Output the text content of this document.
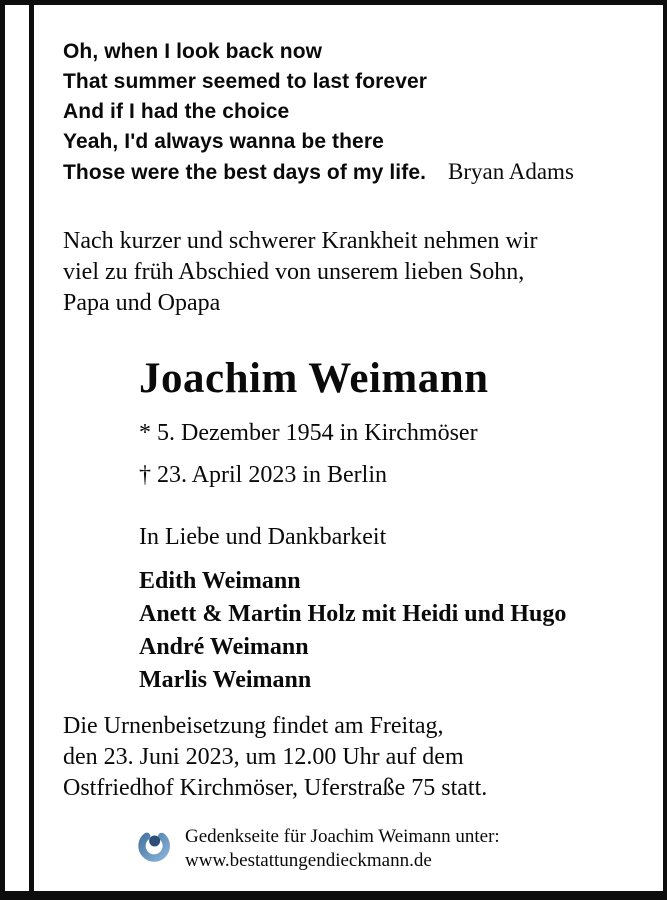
Oh, when I look back now
That summer seemed to last forever
And if I had the choice
Yeah, I'd always wanna be there
Those were the best days of my life. Bryan Adams
Nach kurzer und schwerer Krankheit nehmen wir
viel zu früh Abschied von unserem lieben Sohn,
Papa und Opapa
Joachim Weimann
* 5. Dezember 1954 in Kirchmöser
† 23. April 2023 in Berlin
In Liebe und Dankbarkeit
Edith Weimann
Anett & Martin Holz mit Heidi und Hugo
André Weimann
Marlis Weimann
Die Urnenbeisetzung findet am Freitag,
den 23. Juni 2023, um 12.00 Uhr auf dem
Ostfriedhof Kirchmöser, Uferstraße 75 statt.
Gedenkseite für Joachim Weimann unter:
www.bestattungendieckmann.de
